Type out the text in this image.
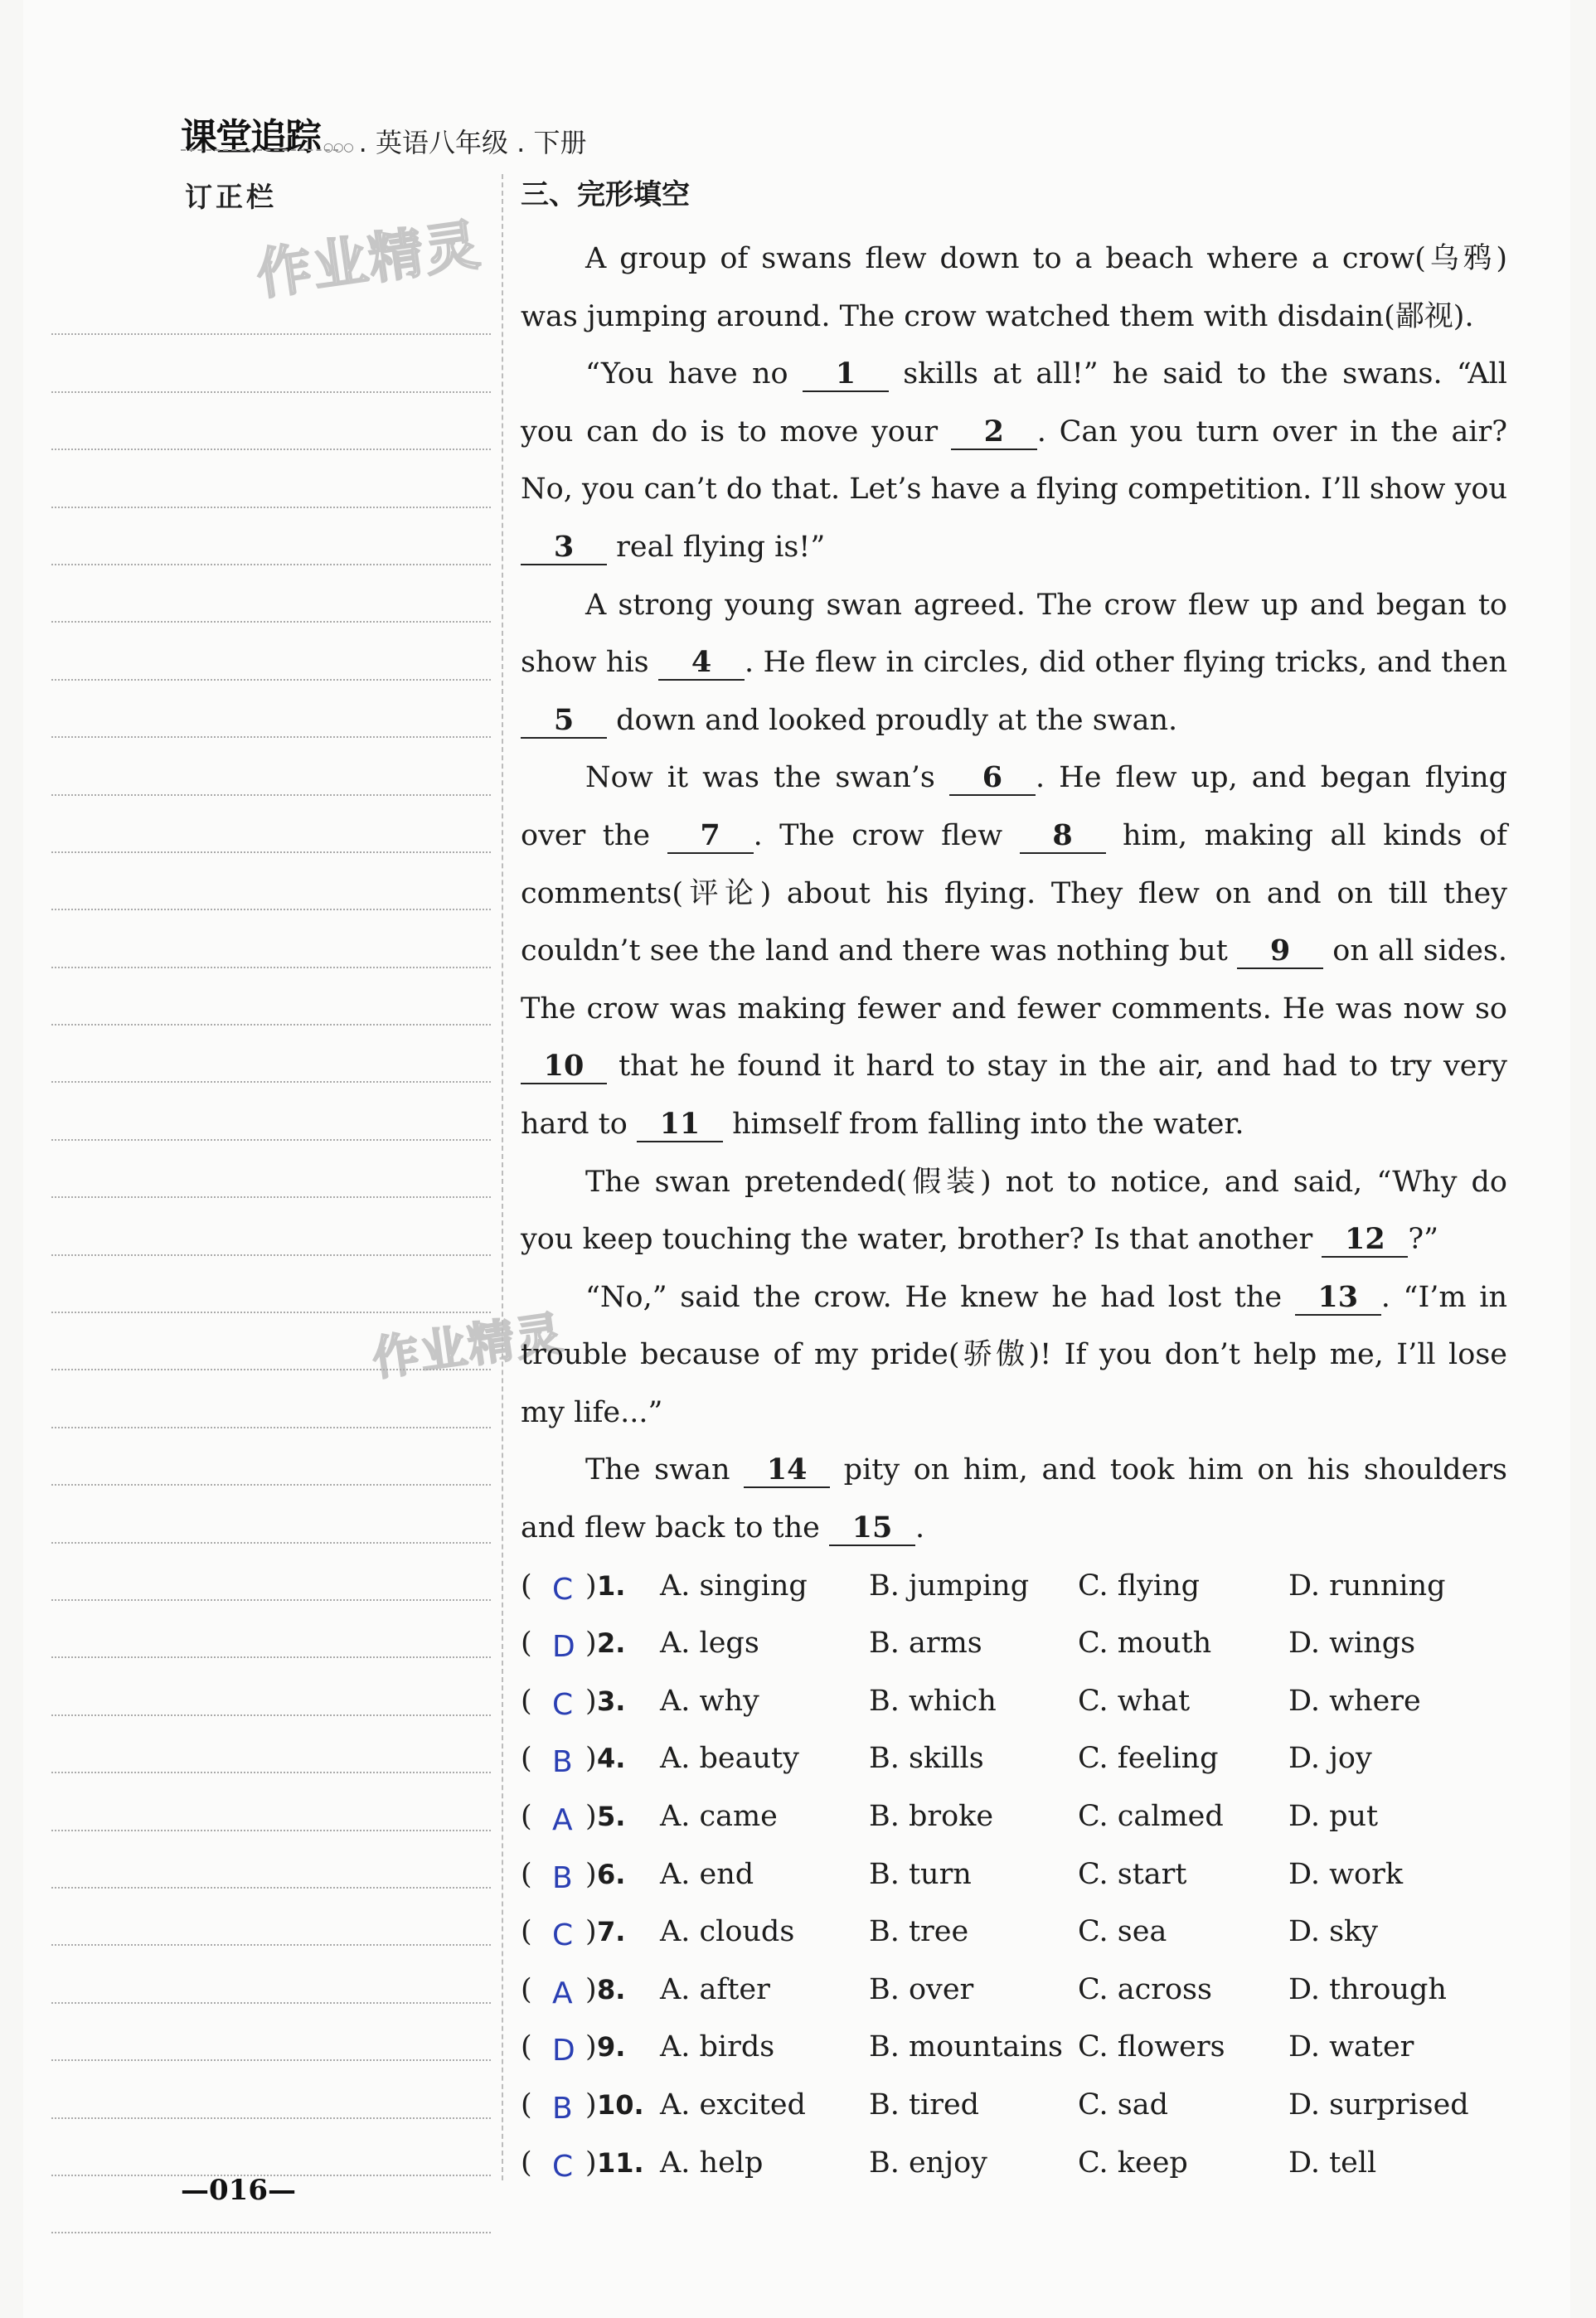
课堂追踪 ○○○ . 英语八年级 . 下册
订正栏
作业精灵
作业精灵
三、完形填空

A group of swans flew down to a beach where a crow(乌鸦) was jumping around. The crow watched them with disdain(鄙视).

“You have no 1 skills at all!” he said to the swans. “All you can do is to move your 2 . Can you turn over in the air? No, you can’t do that. Let’s have a flying competition. I’ll show you 3 real flying is!”

A strong young swan agreed. The crow flew up and began to show his 4 . He flew in circles, did other flying tricks, and then 5 down and looked proudly at the swan.

Now it was the swan’s 6 . He flew up, and began flying over the 7 . The crow flew 8 him, making all kinds of comments(评论) about his flying. They flew on and on till they couldn’t see the land and there was nothing but 9 on all sides. The crow was making fewer and fewer comments. He was now so 10 that he found it hard to stay in the air, and had to try very hard to 11 himself from falling into the water.

The swan pretended(假装) not to notice, and said, “Why do you keep touching the water, brother? Is that another 12 ?”

“No,” said the crow. He knew he had lost the 13 . “I’m in trouble because of my pride(骄傲)! If you don’t help me, I’ll lose my life...”

The swan 14 pity on him, and took him on his shoulders and flew back to the 15 .

( C ) 1. A. singing B. jumping C. flying	D. running
( D ) 2. A. legs	B. arms	C. mouth	D. wings
( C ) 3. A. why	B. which	C. what	D. where
( B ) 4. A. beauty B. skills	C. feeling D. joy
( A ) 5. A. came	B. broke	C. calmed D. put
( B ) 6. A. end	B. turn	C. start	D. work
( C ) 7. A. clouds	B. tree	C. sea	D. sky
( A ) 8. A. after	B. over	C. across	D. through
( D ) 9. A. birds	B. mountains C. flowers D. water
( B ) 10. A. excited B. tired	C. sad	D. surprised
( C ) 11. A. help	B. enjoy	C. keep	D. tell
—016—
